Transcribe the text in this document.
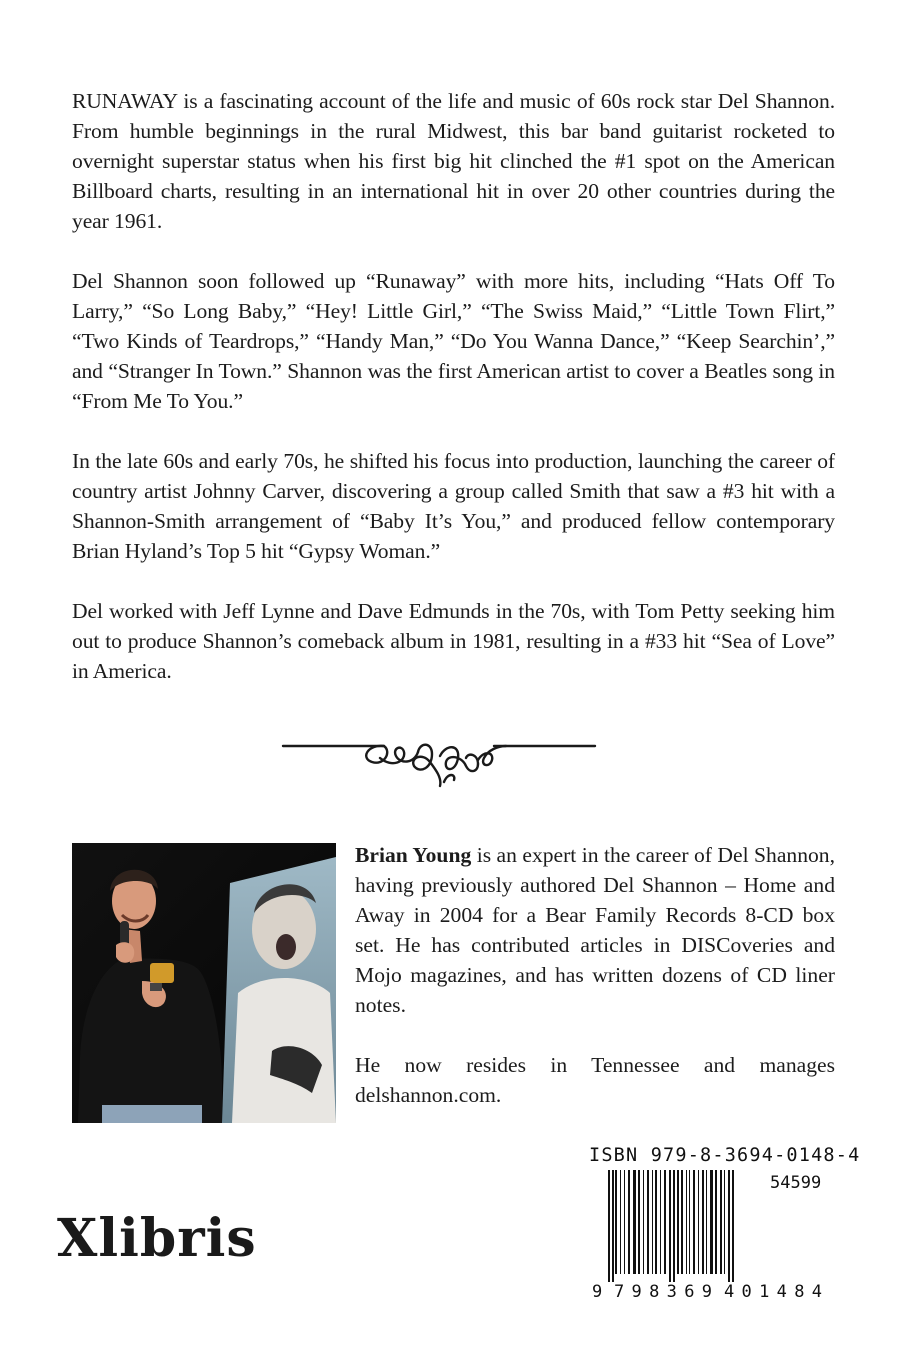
RUNAWAY is a fascinating account of the life and music of 60s rock star Del Shannon. From humble beginnings in the rural Midwest, this bar band guitarist rocketed to overnight superstar status when his first big hit clinched the #1 spot on the American Billboard charts, resulting in an international hit in over 20 other countries during the year 1961.

Del Shannon soon followed up “Runaway” with more hits, including “Hats Off To Larry,” “So Long Baby,” “Hey! Little Girl,” “The Swiss Maid,” “Little Town Flirt,” “Two Kinds of Teardrops,” “Handy Man,” “Do You Wanna Dance,” “Keep Searchin’,” and “Stranger In Town.” Shannon was the first American artist to cover a Beatles song in “From Me To You.”

In the late 60s and early 70s, he shifted his focus into production, launching the career of country artist Johnny Carver, discovering a group called Smith that saw a #3 hit with a Shannon-Smith arrangement of “Baby It’s You,” and produced fellow contemporary Brian Hyland’s Top 5 hit “Gypsy Woman.”

Del worked with Jeff Lynne and Dave Edmunds in the 70s, with Tom Petty seeking him out to produce Shannon’s comeback album in 1981, resulting in a #33 hit “Sea of Love” in America.

Brian Young is an expert in the career of Del Shannon, having previously authored Del Shannon – Home and Away in 2004 for a Bear Family Records 8-CD box set. He has contributed articles in DISCoveries and Mojo magazines, and has written dozens of CD liner notes.

He now resides in Tennessee and manages delshannon.com.

Xlibris
ISBN 979-8-3694-0148-4
54599
9 798369 401484
